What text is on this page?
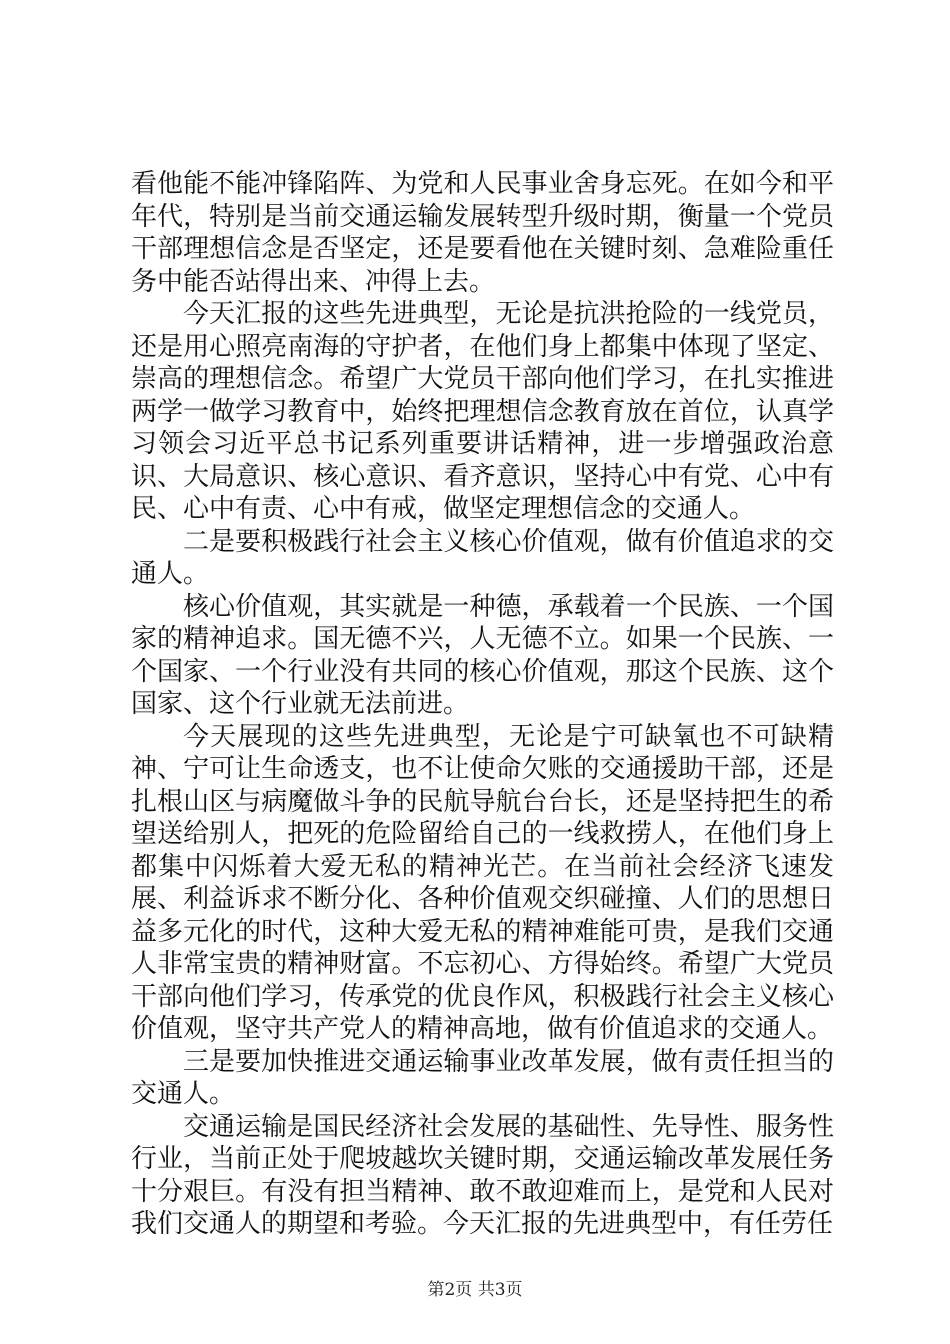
看他能不能冲锋陷阵、为党和人民事业舍身忘死。在如今和平年代，特别是当前交通运输发展转型升级时期，衡量一个党员干部理想信念是否坚定，还是要看他在关键时刻、急难险重任务中能否站得出来、冲得上去。

今天汇报的这些先进典型，无论是抗洪抢险的一线党员，还是用心照亮南海的守护者，在他们身上都集中体现了坚定、崇高的理想信念。希望广大党员干部向他们学习，在扎实推进两学一做学习教育中，始终把理想信念教育放在首位，认真学习领会习近平总书记系列重要讲话精神，进一步增强政治意识、大局意识、核心意识、看齐意识，坚持心中有党、心中有民、心中有责、心中有戒，做坚定理想信念的交通人。

二是要积极践行社会主义核心价值观，做有价值追求的交通人。

核心价值观，其实就是一种德，承载着一个民族、一个国家的精神追求。国无德不兴，人无德不立。如果一个民族、一个国家、一个行业没有共同的核心价值观，那这个民族、这个国家、这个行业就无法前进。

今天展现的这些先进典型，无论是宁可缺氧也不可缺精神、宁可让生命透支，也不让使命欠账的交通援助干部，还是扎根山区与病魔做斗争的民航导航台台长，还是坚持把生的希望送给别人，把死的危险留给自己的一线救捞人，在他们身上都集中闪烁着大爱无私的精神光芒。在当前社会经济飞速发展、利益诉求不断分化、各种价值观交织碰撞、人们的思想日益多元化的时代，这种大爱无私的精神难能可贵，是我们交通人非常宝贵的精神财富。不忘初心、方得始终。希望广大党员干部向他们学习，传承党的优良作风，积极践行社会主义核心价值观，坚守共产党人的精神高地，做有价值追求的交通人。

三是要加快推进交通运输事业改革发展，做有责任担当的交通人。

交通运输是国民经济社会发展的基础性、先导性、服务性行业，当前正处于爬坡越坎关键时期，交通运输改革发展任务十分艰巨。有没有担当精神、敢不敢迎难而上，是党和人民对我们交通人的期望和考验。今天汇报的先进典型中，有任劳任

第2页 共3页
